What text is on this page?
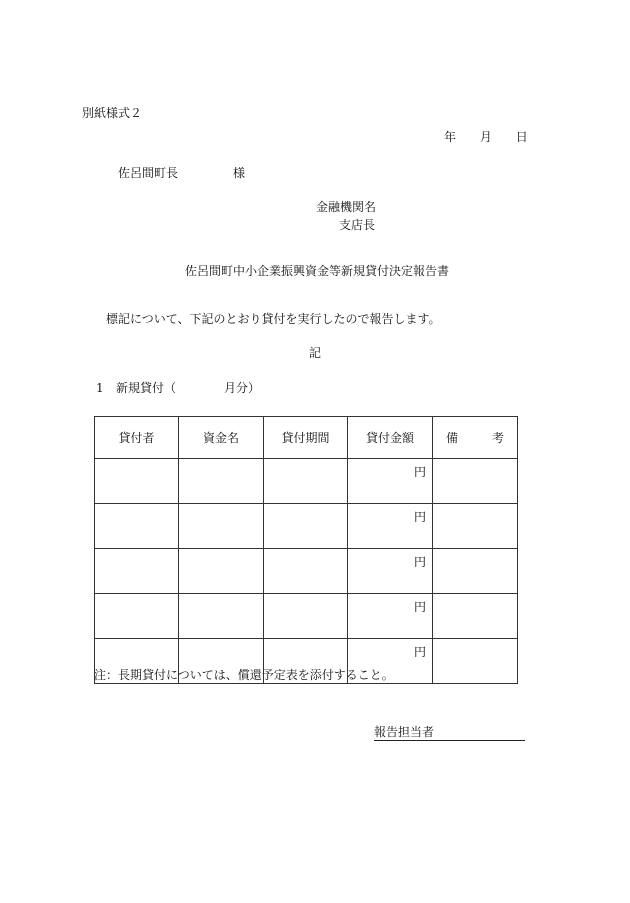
別紙様式２
年 月 日
佐呂間町長	様
金融機関名
支店長
佐呂間町中小企業振興資金等新規貸付決定報告書
標記について、下記のとおり貸付を実行したので報告します。
記
1 新規貸付（	月分）
貸付者	資金名	貸付期間	貸付金額	備 考
			円	
			円	
			円	
			円	
			円	
注：長期貸付については、償還予定表を添付すること。
報告担当者
